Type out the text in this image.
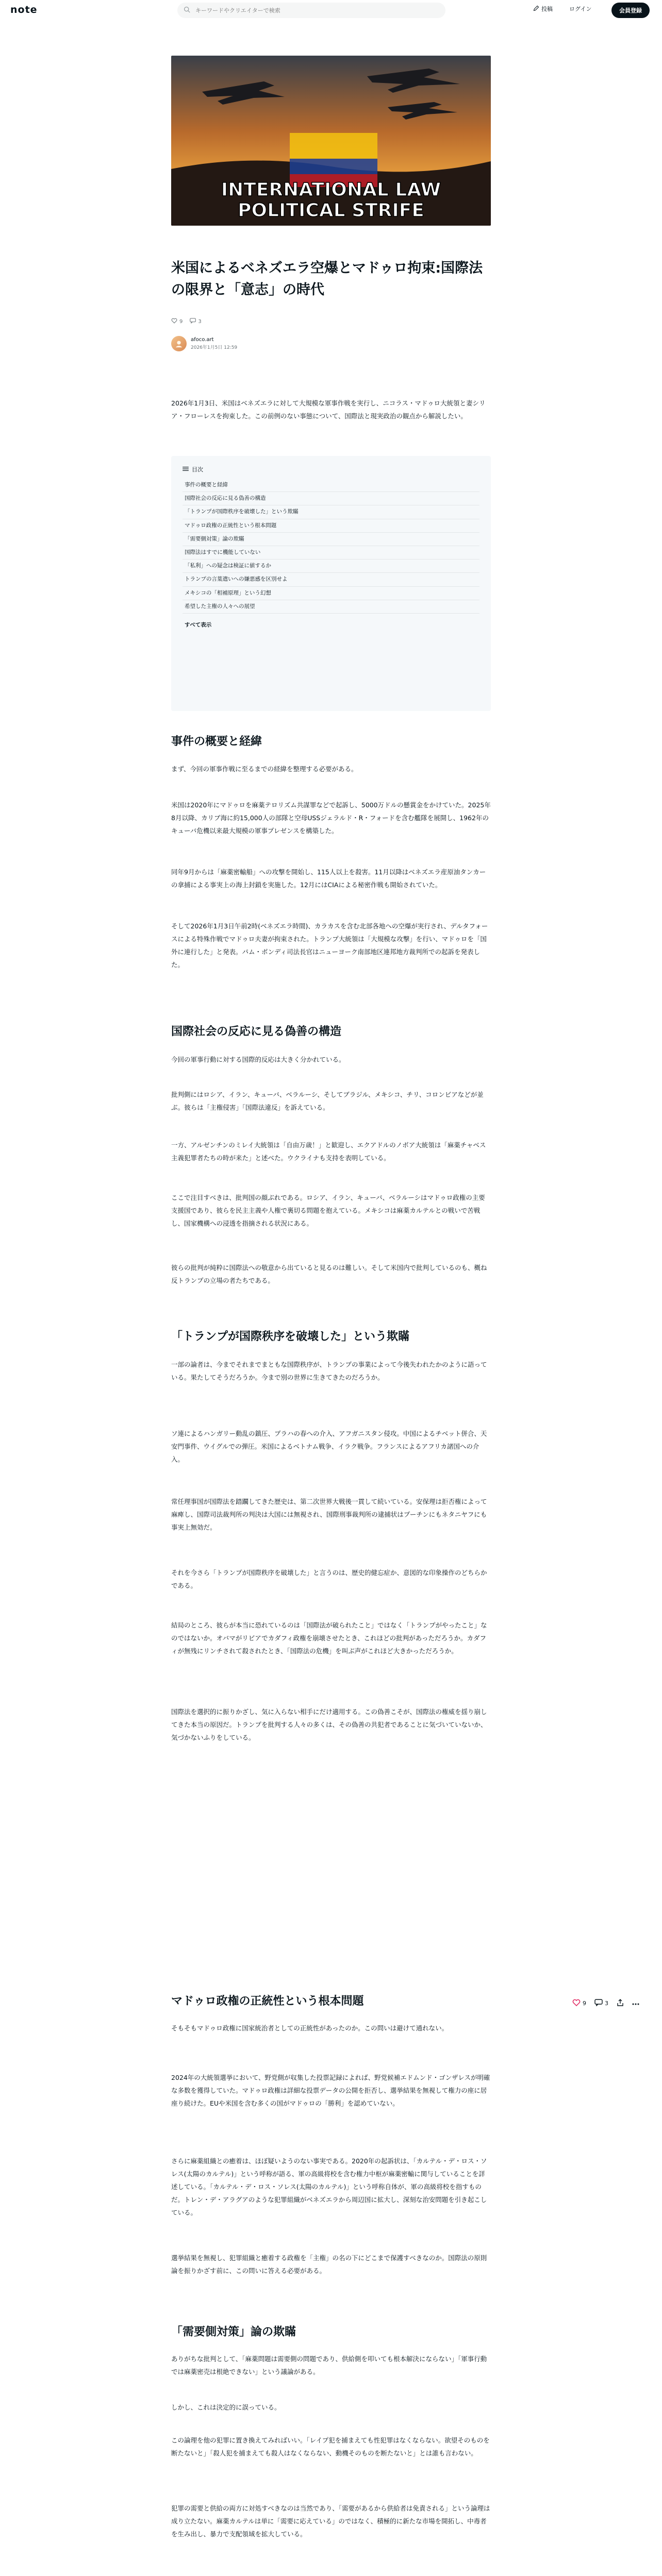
note
キーワードやクリエイターで検索	投稿	ログイン	会員登録
INTERNATIONAL LAW
POLITICAL STRIFE
米国によるベネズエラ空爆とマドゥロ拘束:国際法の限界と「意志」の時代
9	3
afoco.art
2026年1月5日 12:59

2026年1月3日、米国はベネズエラに対して大規模な軍事作戦を実行し、ニコラス・マドゥロ大統領と妻シリア・フローレスを拘束した。この前例のない事態について、国際法と現実政治の観点から解説したい。

目次
事件の概要と経緯
国際社会の反応に見る偽善の構造
「トランプが国際秩序を破壊した」という欺瞞
マドゥロ政権の正統性という根本問題
「需要側対策」論の欺瞞
国際法はすでに機能していない
「私利」への疑念は検証に値するか
トランプの言葉遣いへの嫌悪感を区別せよ
メキシコの「相補原理」という幻想
希望した主権の人々への展望
すべて表示
事件の概要と経緯

まず、今回の軍事作戦に至るまでの経緯を整理する必要がある。

米国は2020年にマドゥロを麻薬テロリズム共謀罪などで起訴し、5000万ドルの懸賞金をかけていた。2025年8月以降、カリブ海に約15,000人の部隊と空母USSジェラルド・R・フォードを含む艦隊を展開し、1962年のキューバ危機以来最大規模の軍事プレゼンスを構築した。

同年9月からは「麻薬密輸船」への攻撃を開始し、115人以上を殺害。11月以降はベネズエラ産原油タンカーの拿捕による事実上の海上封鎖を実施した。12月にはCIAによる秘密作戦も開始されていた。

そして2026年1月3日午前2時(ベネズエラ時間)、カラカスを含む北部各地への空爆が実行され、デルタフォースによる特殊作戦でマドゥロ夫妻が拘束された。トランプ大統領は「大規模な攻撃」を行い、マドゥロを「国外に連行した」と発表。パム・ボンディ司法長官はニューヨーク南部地区連邦地方裁判所での起訴を発表した。

国際社会の反応に見る偽善の構造

今回の軍事行動に対する国際的反応は大きく分かれている。

批判側にはロシア、イラン、キューバ、ベラルーシ、そしてブラジル、メキシコ、チリ、コロンビアなどが並ぶ。彼らは「主権侵害」「国際法違反」を訴えている。

一方、アルゼンチンのミレイ大統領は「自由万歳！」と歓迎し、エクアドルのノボア大統領は「麻薬チャベス主義犯罪者たちの時が来た」と述べた。ウクライナも支持を表明している。

ここで注目すべきは、批判国の顔ぶれである。ロシア、イラン、キューバ、ベラルーシはマドゥロ政権の主要支援国であり、彼らを民主主義や人権で裏切る問題を抱えている。メキシコは麻薬カルテルとの戦いで苦戦し、国家機構への浸透を指摘される状況にある。

彼らの批判が純粋に国際法への敬意から出ていると見るのは難しい。そして米国内で批判しているのも、概ね反トランプの立場の者たちである。

「トランプが国際秩序を破壊した」という欺瞞

一部の論者は、今までそれまでまともな国際秩序が、トランプの事業によって今後失われたかのように語っている。果たしてそうだろうか。今まで別の世界に生きてきたのだろうか。

ソ連によるハンガリー動乱の鎮圧、プラハの春への介入、アフガニスタン侵攻。中国によるチベット併合、天安門事件、ウイグルでの弾圧。米国によるベトナム戦争、イラク戦争。フランスによるアフリカ諸国への介入。

常任理事国が国際法を踏躙してきた歴史は、第二次世界大戦後一貫して続いている。安保理は拒否権によって麻痺し、国際司法裁判所の判決は大国には無視され、国際刑事裁判所の逮捕状はプーチンにもネタニヤフにも事実上無効だ。

それを今さら「トランプが国際秩序を破壊した」と言うのは、歴史的健忘症か、意図的な印象操作のどちらかである。

結局のところ、彼らが本当に恐れているのは「国際法が破られたこと」ではなく「トランプがやったこと」なのではないか。オバマがリビアでカダフィ政権を崩壊させたとき、これほどの批判があっただろうか。カダフィが無残にリンチされて殺されたとき、「国際法の危機」を叫ぶ声がこれほど大きかっただろうか。

国際法を選択的に振りかざし、気に入らない相手にだけ適用する。この偽善こそが、国際法の権威を揺り崩してきた本当の原因だ。トランプを批判する人々の多くは、その偽善の共犯者であることに気づいていないか、気づかないふりをしている。

マドゥロ政権の正統性という根本問題

そもそもマドゥロ政権に国家統治者としての正統性があったのか。この問いは避けて通れない。

2024年の大統領選挙において、野党側が収集した投票記録によれば、野党候補エドムンド・ゴンザレスが明確な多数を獲得していた。マドゥロ政権は詳細な投票データの公開を拒否し、選挙結果を無視して権力の座に居座り続けた。EUや米国を含む多くの国がマドゥロの「勝利」を認めていない。

さらに麻薬組織との癒着は、ほぼ疑いようのない事実である。2020年の起訴状は、「カルテル・デ・ロス・ソレス(太陽のカルテル)」という呼称が語る、軍の高級将校を含む権力中枢が麻薬密輸に関与していることを詳述している。「カルテル・デ・ロス・ソレス(太陽のカルテル)」という呼称自体が、軍の高級将校を指すものだ。トレン・デ・アラグアのような犯罪組織がベネズエラから周辺国に拡大し、深刻な治安問題を引き起こしている。

選挙結果を無視し、犯罪組織と癒着する政権を「主権」の名の下にどこまで保護すべきなのか。国際法の原則論を振りかざす前に、この問いに答える必要がある。

「需要側対策」論の欺瞞

ありがちな批判として、「麻薬問題は需要側の問題であり、供給側を叩いても根本解決にならない」「軍事行動では麻薬密売は根絶できない」という議論がある。

しかし、これは決定的に誤っている。

この論理を他の犯罪に置き換えてみればいい。「レイプ犯を捕まえても性犯罪はなくならない。欲望そのものを断たないと」「殺人犯を捕まえても殺人はなくならない、動機そのものを断たないと」とは誰も言わない。

犯罪の需要と供給の両方に対処すべきなのは当然であり、「需要があるから供給者は免責される」という論理は成り立たない。麻薬カルテルは単に「需要に応えている」のではなく、積極的に新たな市場を開拓し、中毒者を生み出し、暴力で支配領域を拡大している。

9	3
